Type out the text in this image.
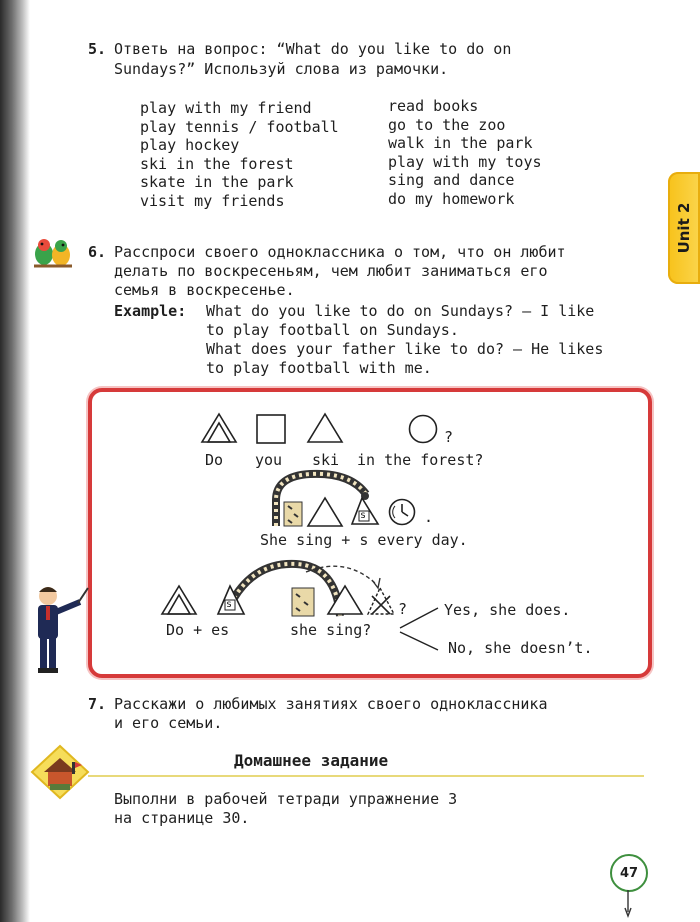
Unit 2
5. Ответь на вопрос: “What do you like to do on
Sundays?” Используй слова из рамочки.
play with my friend
play tennis / football
play hockey
ski in the forest
skate in the park
visit my friends
read books
go to the zoo
walk in the park
play with my toys
sing and dance
do my homework
6. Расспроси своего одноклассника о том, что он любит
делать по воскресеньям, чем любит заниматься его
семья в воскресенье.
Example: What do you like to do on Sundays? — I like
to play football on Sundays.
What does your father like to do? — He likes
to play football with me.
?
Do you ski in the forest?
s	.
She sing + s every day.
s	?
Do + es	she sing?
Yes, she does.
No, she doesn’t.
7. Расскажи о любимых занятиях своего одноклассника
и его семьи.
Домашнее задание
Выполни в рабочей тетради упражнение 3
на странице 30.
47
